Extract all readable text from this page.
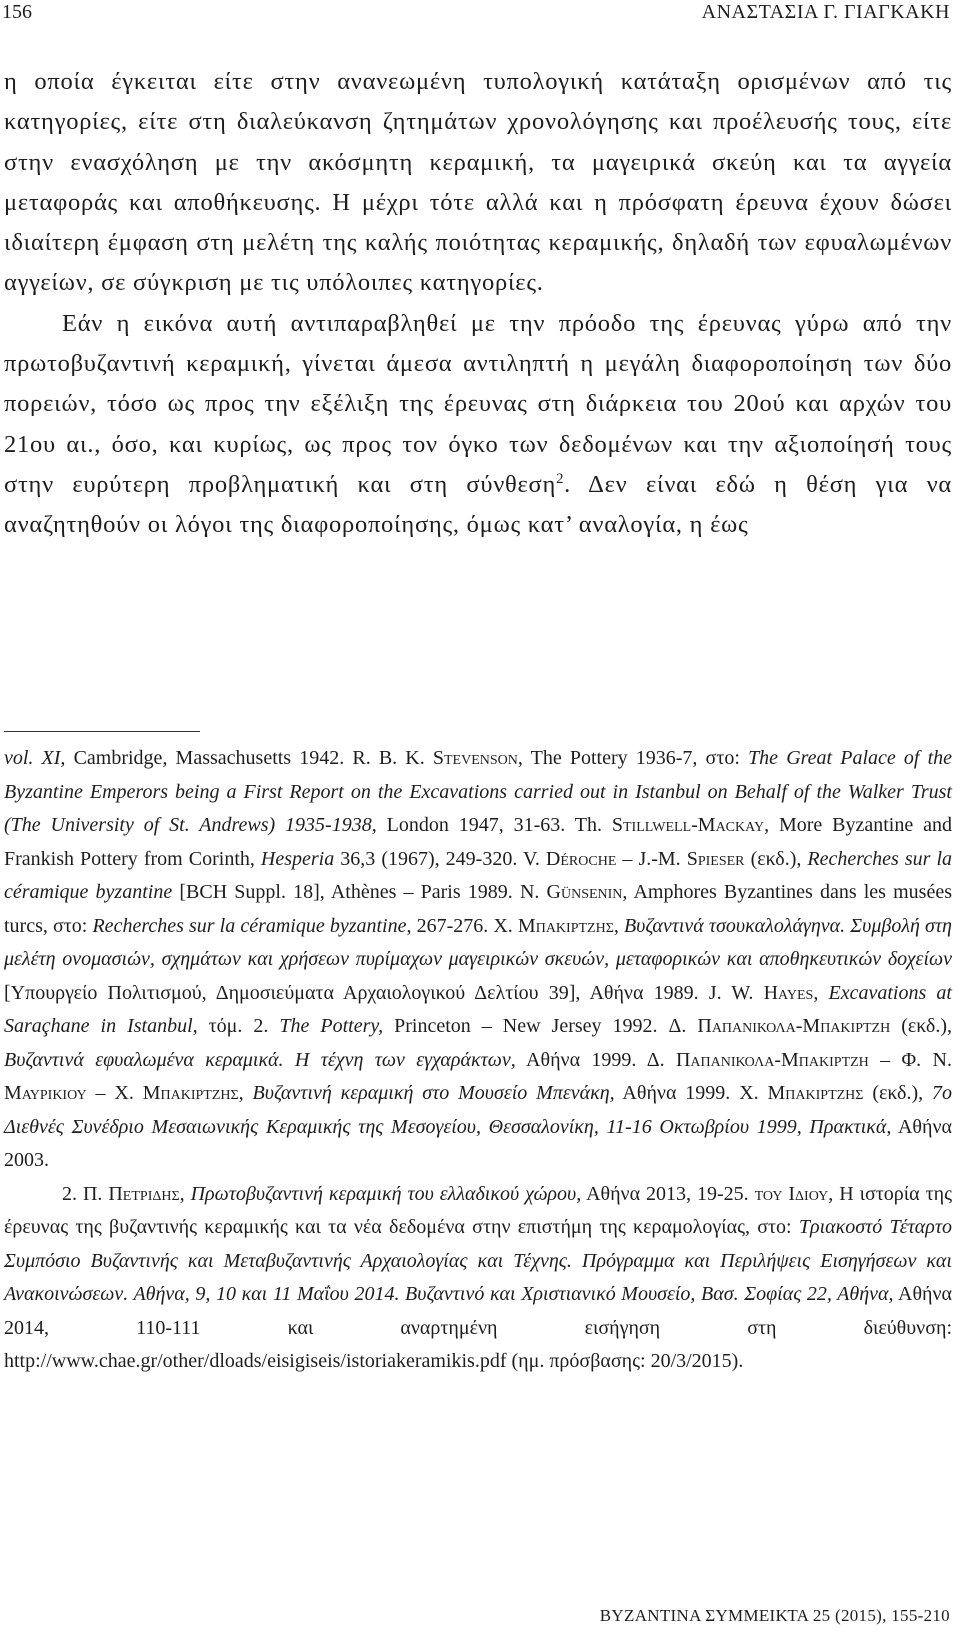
156	ΑΝΑΣΤΑΣΙΑ Γ. ΓΙΑΓΚΑΚΗ

η οποία έγκειται είτε στην ανανεωμένη τυπολογική κατάταξη ορισμένων από τις κατηγορίες, είτε στη διαλεύκανση ζητημάτων χρονολόγησης και προέλευσής τους, είτε στην ενασχόληση με την ακόσμητη κεραμική, τα μαγειρικά σκεύη και τα αγγεία μεταφοράς και αποθήκευσης. Η μέχρι τότε αλλά και η πρόσφατη έρευνα έχουν δώσει ιδιαίτερη έμφαση στη μελέτη της καλής ποιότητας κεραμικής, δηλαδή των εφυαλωμένων αγγείων, σε σύγκριση με τις υπόλοιπες κατηγορίες.

Εάν η εικόνα αυτή αντιπαραβληθεί με την πρόοδο της έρευνας γύρω από την πρωτοβυζαντινή κεραμική, γίνεται άμεσα αντιληπτή η μεγάλη διαφοροποίηση των δύο πορειών, τόσο ως προς την εξέλιξη της έρευνας στη διάρκεια του 20ού και αρχών του 21ου αι., όσο, και κυρίως, ως προς τον όγκο των δεδομένων και την αξιοποίησή τους στην ευρύτερη προβληματική και στη σύνθεση$^2$. Δεν είναι εδώ η θέση για να αναζητηθούν οι λόγοι της διαφοροποίησης, όμως κατ’ αναλογία, η έως

vol. XI, Cambridge, Massachusetts 1942. R. B. K. Stevenson, The Pottery 1936-7, στο: The Great Palace of the Byzantine Emperors being a First Report on the Excavations carried out in Istanbul on Behalf of the Walker Trust (The University of St. Andrews) 1935-1938, London 1947, 31-63. Th. Stillwell-Mackay, More Byzantine and Frankish Pottery from Corinth, Hesperia 36,3 (1967), 249-320. V. Déroche – J.-M. Spieser (εκδ.), Recherches sur la céramique byzantine [BCH Suppl. 18], Athènes – Paris 1989. N. Günsenin, Amphores Byzantines dans les musées turcs, στο: Recherches sur la céramique byzantine, 267-276. Χ. Μπακιρτζης, Βυζαντινά τσουκαλολάγηνα. Συμβολή στη μελέτη ονομασιών, σχημάτων και χρήσεων πυρίμαχων μαγειρικών σκευών, μεταφορικών και αποθηκευτικών δοχείων [Υπουργείο Πολιτισμού, Δημοσιεύματα Αρχαιολογικού Δελτίου 39], Αθήνα 1989. J. W. Hayes, Excavations at Saraçhane in Istanbul, τόμ. 2. The Pottery, Princeton – New Jersey 1992. Δ. Παπανικολα-Μπακιρτζη (εκδ.), Βυζαντινά εφυαλωμένα κεραμικά. Η τέχνη των εγχαράκτων, Αθήνα 1999. Δ. Παπανικολα-Μπακιρτζη – Φ. Ν. Μαυρικιου – Χ. Μπακιρτζης, Βυζαντινή κεραμική στο Μουσείο Μπενάκη, Αθήνα 1999. Χ. Μπακιρτζης (εκδ.), 7ο Διεθνές Συνέδριο Μεσαιωνικής Κεραμικής της Μεσογείου, Θεσσαλονίκη, 11-16 Οκτωβρίου 1999, Πρακτικά, Αθήνα 2003.

2. Π. Πετριδης, Πρωτοβυζαντινή κεραμική του ελλαδικού χώρου, Αθήνα 2013, 19-25. του Ιδιου, Η ιστορία της έρευνας της βυζαντινής κεραμικής και τα νέα δεδομένα στην επιστήμη της κεραμολογίας, στο: Τριακοστό Τέταρτο Συμπόσιο Βυζαντινής και Μεταβυζαντινής Αρχαιολογίας και Τέχνης. Πρόγραμμα και Περιλήψεις Εισηγήσεων και Ανακοινώσεων. Αθήνα, 9, 10 και 11 Μαΐου 2014. Βυζαντινό και Χριστιανικό Μουσείο, Βασ. Σοφίας 22, Αθήνα, Αθήνα 2014, 110-111 και αναρτημένη εισήγηση στη διεύθυνση: http://www.chae.gr/other/dloads/eisigiseis/istoriakeramikis.pdf (ημ. πρόσβασης: 20/3/2015).

BYZANTINA ΣΥΜΜΕΙΚΤΑ 25 (2015), 155-210
